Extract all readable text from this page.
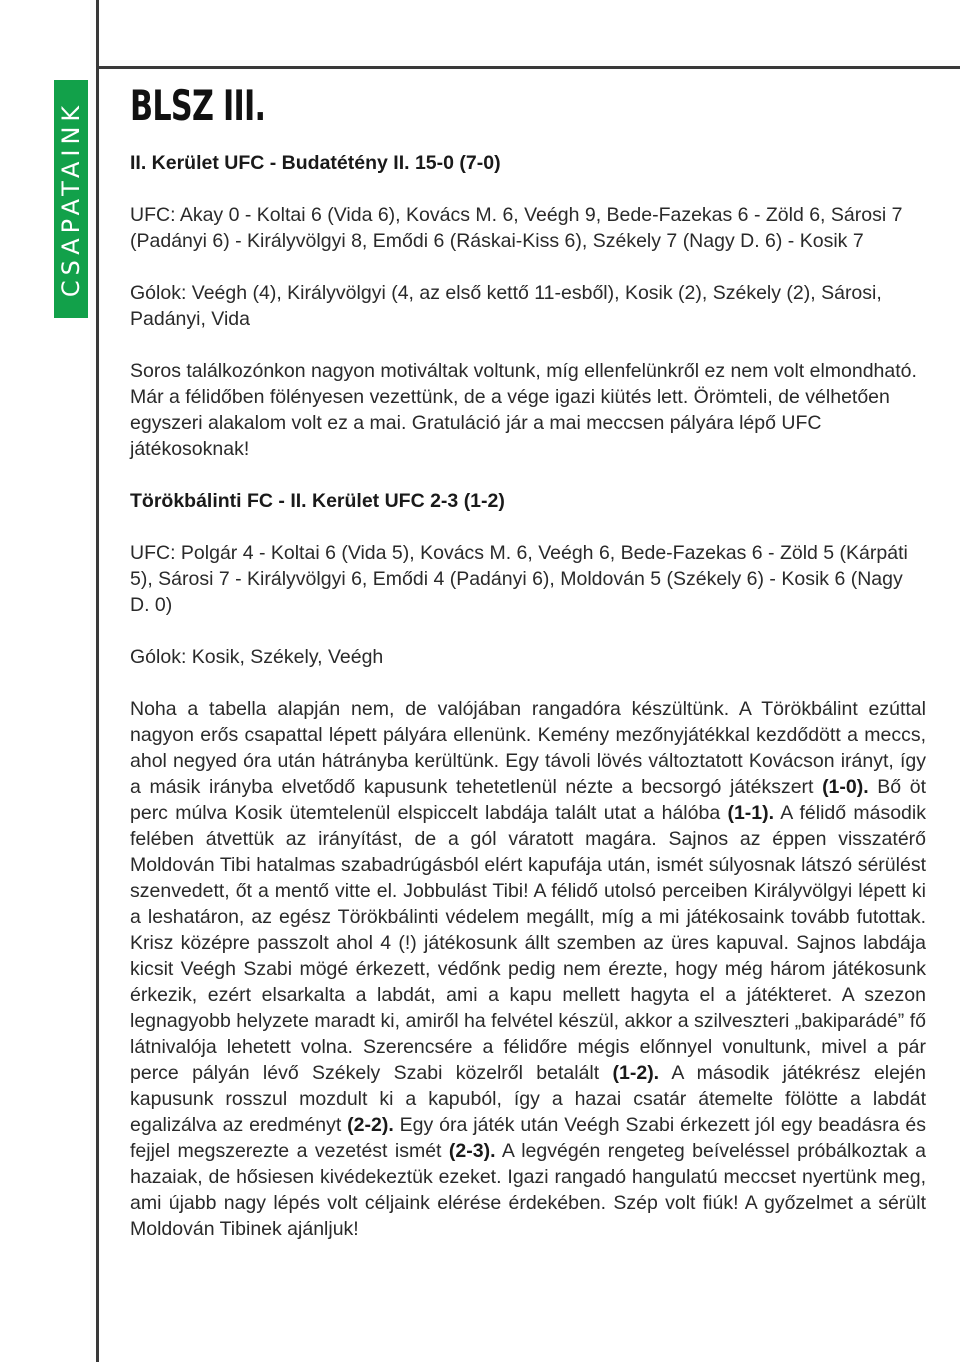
CSAPATAINK BLSZ III.

II. Kerület UFC - Budatétény II. 15-0 (7-0)

UFC: Akay 0 - Koltai 6 (Vida 6), Kovács M. 6, Veégh 9, Bede-Fazekas 6 - Zöld 6, Sárosi 7 (Padányi 6) - Királyvölgyi 8, Emődi 6 (Ráskai-Kiss 6), Székely 7 (Nagy D. 6) - Kosik 7

Gólok: Veégh (4), Királyvölgyi (4, az első kettő 11-esből), Kosik (2), Székely (2), Sárosi, Padányi, Vida

Soros találkozónkon nagyon motiváltak voltunk, míg ellenfelünkről ez nem volt elmondható. Már a félidőben fölényesen vezettünk, de a vége igazi kiütés lett. Örömteli, de vélhetően egyszeri alakalom volt ez a mai. Gratuláció jár a mai meccsen pályára lépő UFC játékosoknak!

Törökbálinti FC - II. Kerület UFC 2-3 (1-2)

UFC: Polgár 4 - Koltai 6 (Vida 5), Kovács M. 6, Veégh 6, Bede-Fazekas 6 - Zöld 5 (Kárpáti 5), Sárosi 7 - Királyvölgyi 6, Emődi 4 (Padányi 6), Moldován 5 (Székely 6) - Kosik 6 (Nagy D. 0)

Gólok: Kosik, Székely, Veégh

Noha a tabella alapján nem, de valójában rangadóra készültünk. A Törökbálint ezúttal nagyon erős csapattal lépett pályára ellenünk. Kemény mezőnyjátékkal kezdődött a meccs, ahol negyed óra után hátrányba kerültünk. Egy távoli lövés változtatott Kovácson irányt, így a másik irányba elvetődő kapusunk tehetetlenül nézte a becsorgó játékszert (1-0). Bő öt perc múlva Kosik ütemtelenül elspiccelt labdája talált utat a hálóba (1-1). A félidő második felében átvettük az irányítást, de a gól váratott magára. Sajnos az éppen visszatérő Moldován Tibi hatalmas szabadrúgásból elért kapufája után, ismét súlyosnak látszó sérülést szenvedett, őt a mentő vitte el. Jobbulást Tibi! A félidő utolsó perceiben Királyvölgyi lépett ki a leshatáron, az egész Törökbálinti védelem megállt, míg a mi játékosaink tovább futottak. Krisz középre passzolt ahol 4 (!) játékosunk állt szemben az üres kapuval. Sajnos labdája kicsit Veégh Szabi mögé érkezett, védőnk pedig nem érezte, hogy még három játékosunk érkezik, ezért elsarkalta a labdát, ami a kapu mellett hagyta el a játékteret. A szezon legnagyobb helyzete maradt ki, amiről ha felvétel készül, akkor a szilveszteri „bakiparádé” fő látnivalója lehetett volna. Szerencsére a félidőre mégis előnnyel vonultunk, mivel a pár perce pályán lévő Székely Szabi közelről betalált (1-2). A második játékrész elején kapusunk rosszul mozdult ki a kapuból, így a hazai csatár átemelte fölötte a labdát egalizálva az eredményt (2-2). Egy óra játék után Veégh Szabi érkezett jól egy beadásra és fejjel megszerezte a vezetést ismét (2-3). A legvégén rengeteg beíveléssel próbálkoztak a hazaiak, de hősiesen kivédekeztük ezeket. Igazi rangadó hangulatú meccset nyertünk meg, ami újabb nagy lépés volt céljaink elérése érdekében. Szép volt fiúk! A győzelmet a sérült Moldován Tibinek ajánljuk!
